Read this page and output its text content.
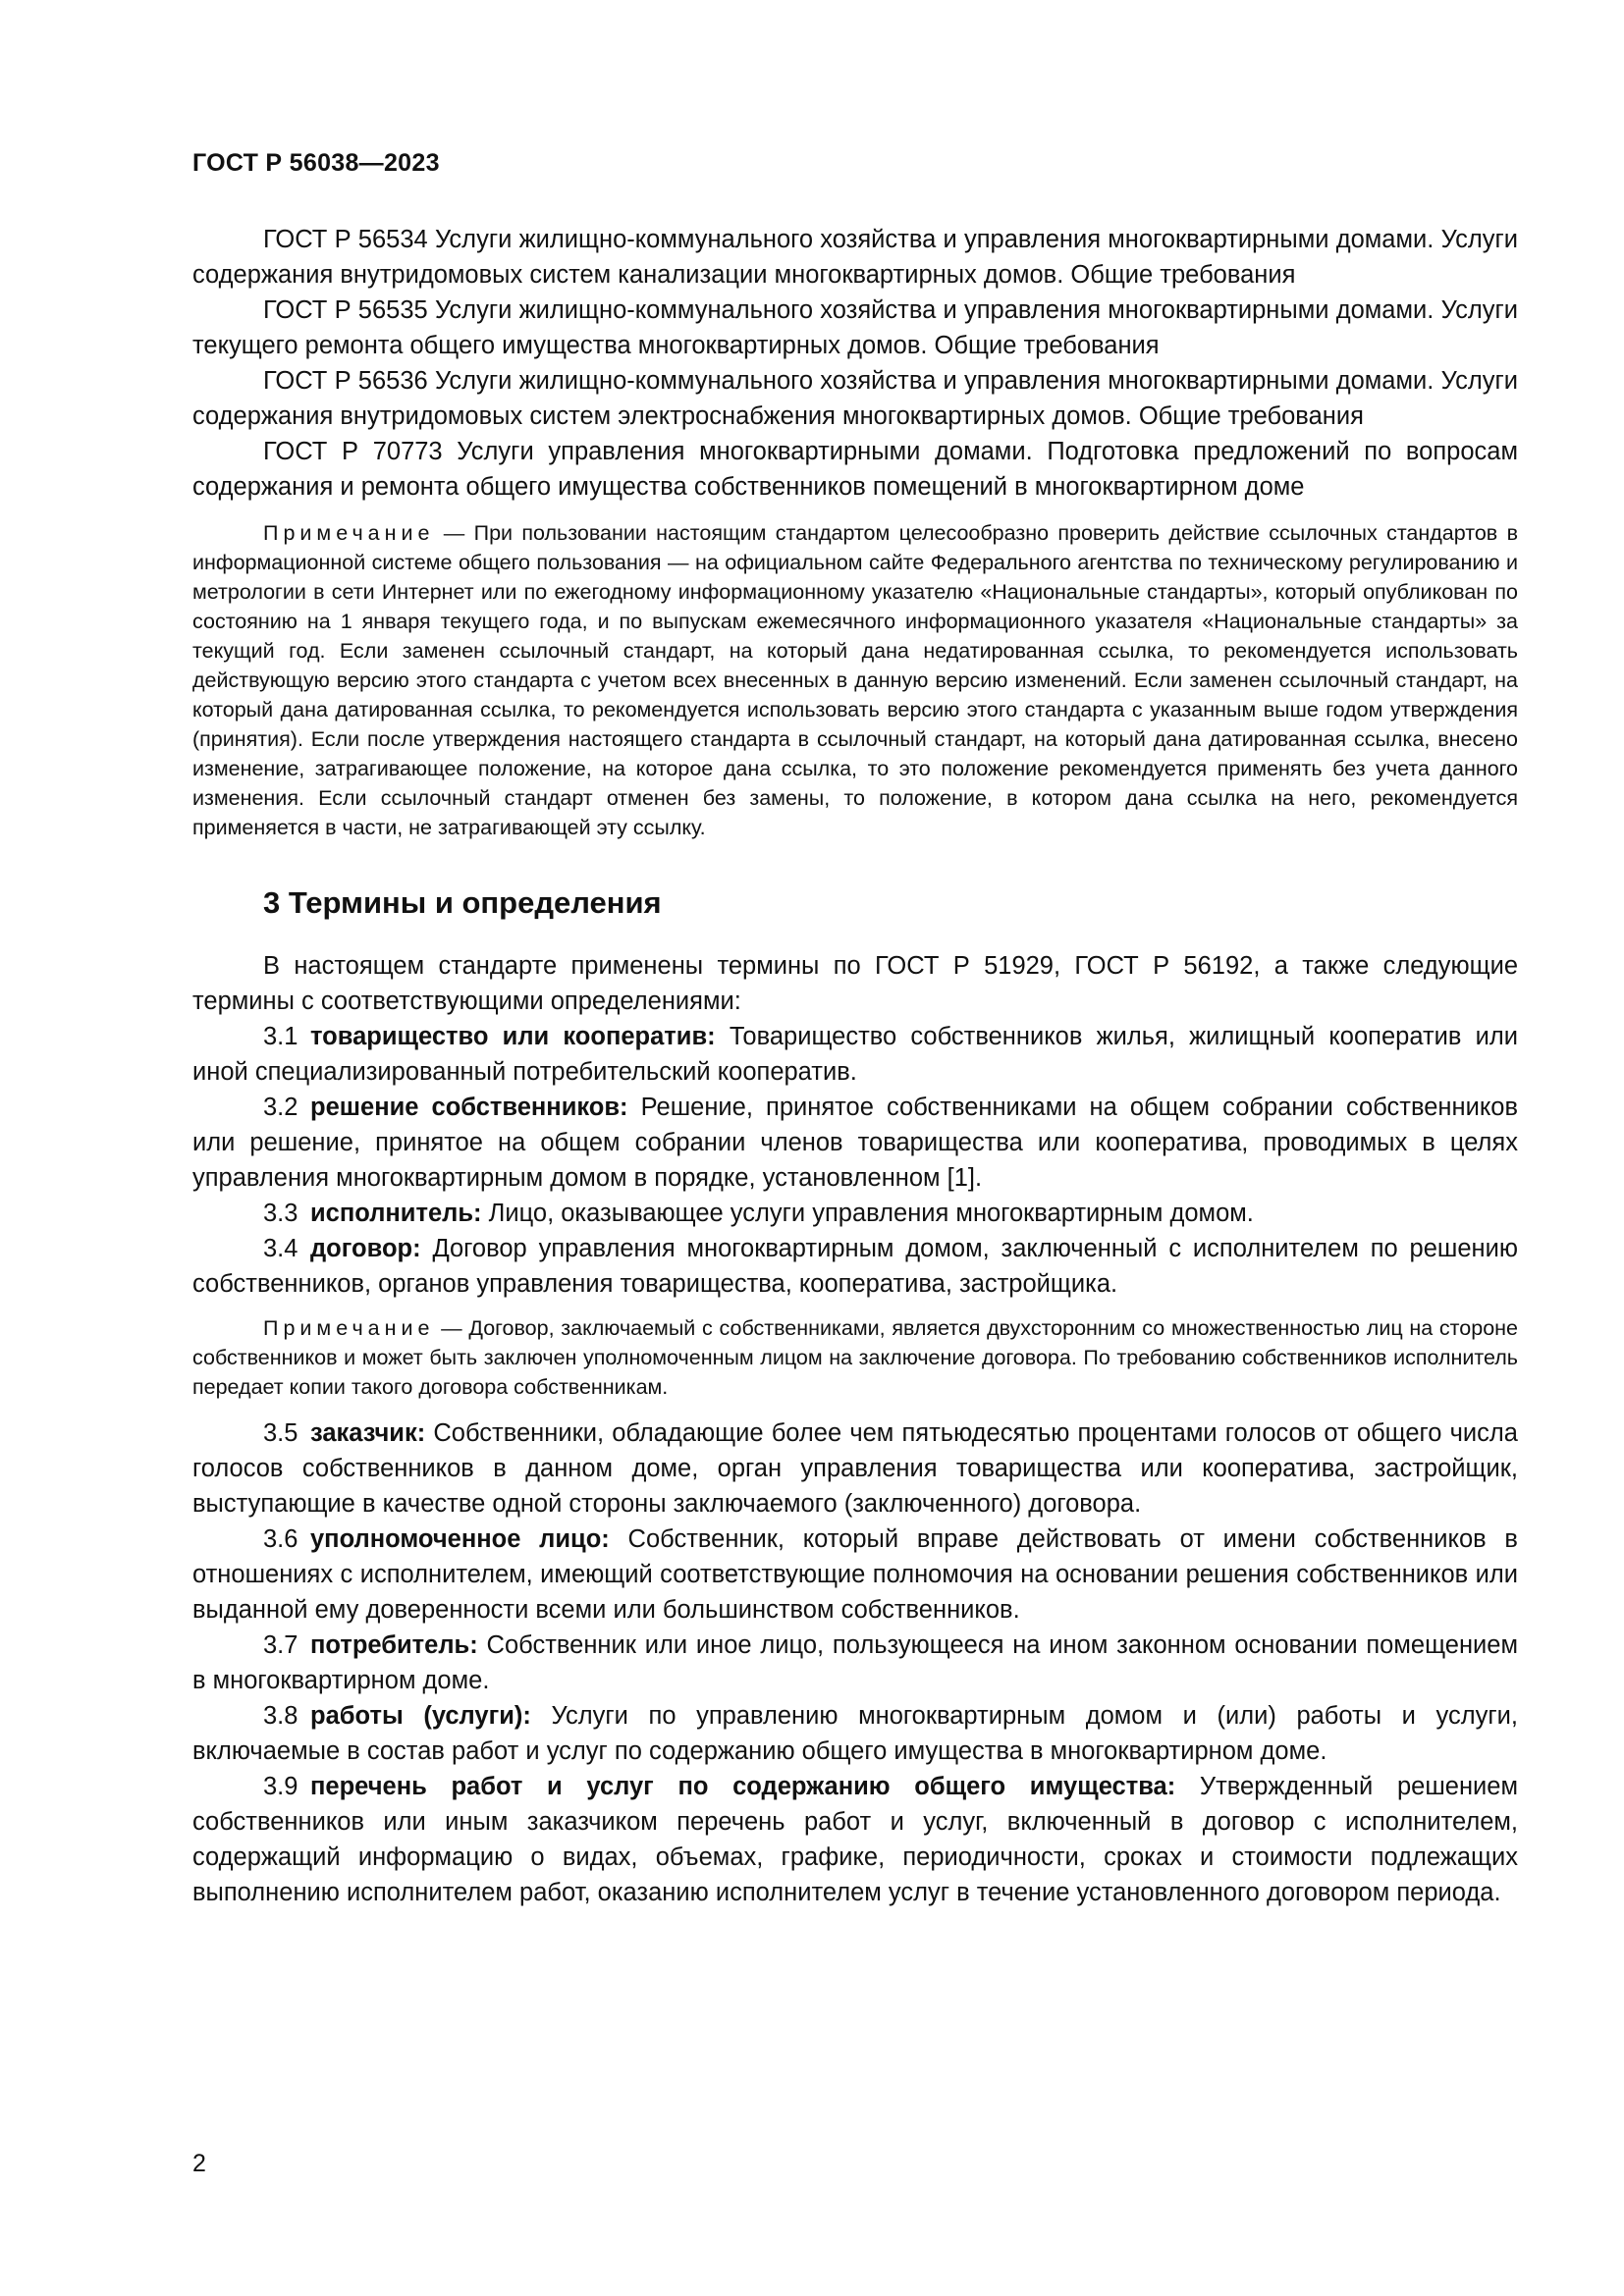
ГОСТ Р 56038—2023

ГОСТ Р 56534 Услуги жилищно-коммунального хозяйства и управления многоквартирными домами. Услуги содержания внутридомовых систем канализации многоквартирных домов. Общие требования

ГОСТ Р 56535 Услуги жилищно-коммунального хозяйства и управления многоквартирными домами. Услуги текущего ремонта общего имущества многоквартирных домов. Общие требования

ГОСТ Р 56536 Услуги жилищно-коммунального хозяйства и управления многоквартирными домами. Услуги содержания внутридомовых систем электроснабжения многоквартирных домов. Общие требования

ГОСТ Р 70773 Услуги управления многоквартирными домами. Подготовка предложений по вопросам содержания и ремонта общего имущества собственников помещений в многоквартирном доме

Примечание — При пользовании настоящим стандартом целесообразно проверить действие ссылочных стандартов в информационной системе общего пользования — на официальном сайте Федерального агентства по техническому регулированию и метрологии в сети Интернет или по ежегодному информационному указателю «Национальные стандарты», который опубликован по состоянию на 1 января текущего года, и по выпускам ежемесячного информационного указателя «Национальные стандарты» за текущий год. Если заменен ссылочный стандарт, на который дана недатированная ссылка, то рекомендуется использовать действующую версию этого стандарта с учетом всех внесенных в данную версию изменений. Если заменен ссылочный стандарт, на который дана датированная ссылка, то рекомендуется использовать версию этого стандарта с указанным выше годом утверждения (принятия). Если после утверждения настоящего стандарта в ссылочный стандарт, на который дана датированная ссылка, внесено изменение, затрагивающее положение, на которое дана ссылка, то это положение рекомендуется применять без учета данного изменения. Если ссылочный стандарт отменен без замены, то положение, в котором дана ссылка на него, рекомендуется применяется в части, не затрагивающей эту ссылку.

3 Термины и определения

В настоящем стандарте применены термины по ГОСТ Р 51929, ГОСТ Р 56192, а также следующие термины с соответствующими определениями:

3.1 товарищество или кооператив: Товарищество собственников жилья, жилищный кооператив или иной специализированный потребительский кооператив.

3.2 решение собственников: Решение, принятое собственниками на общем собрании собственников или решение, принятое на общем собрании членов товарищества или кооператива, проводимых в целях управления многоквартирным домом в порядке, установленном [1].

3.3 исполнитель: Лицо, оказывающее услуги управления многоквартирным домом.

3.4 договор: Договор управления многоквартирным домом, заключенный с исполнителем по решению собственников, органов управления товарищества, кооператива, застройщика.

Примечание — Договор, заключаемый с собственниками, является двухсторонним со множественностью лиц на стороне собственников и может быть заключен уполномоченным лицом на заключение договора. По требованию собственников исполнитель передает копии такого договора собственникам.

3.5 заказчик: Собственники, обладающие более чем пятьюдесятью процентами голосов от общего числа голосов собственников в данном доме, орган управления товарищества или кооператива, застройщик, выступающие в качестве одной стороны заключаемого (заключенного) договора.

3.6 уполномоченное лицо: Собственник, который вправе действовать от имени собственников в отношениях с исполнителем, имеющий соответствующие полномочия на основании решения собственников или выданной ему доверенности всеми или большинством собственников.

3.7 потребитель: Собственник или иное лицо, пользующееся на ином законном основании помещением в многоквартирном доме.

3.8 работы (услуги): Услуги по управлению многоквартирным домом и (или) работы и услуги, включаемые в состав работ и услуг по содержанию общего имущества в многоквартирном доме.

3.9 перечень работ и услуг по содержанию общего имущества: Утвержденный решением собственников или иным заказчиком перечень работ и услуг, включенный в договор с исполнителем, содержащий информацию о видах, объемах, графике, периодичности, сроках и стоимости подлежащих выполнению исполнителем работ, оказанию исполнителем услуг в течение установленного договором периода.

2
